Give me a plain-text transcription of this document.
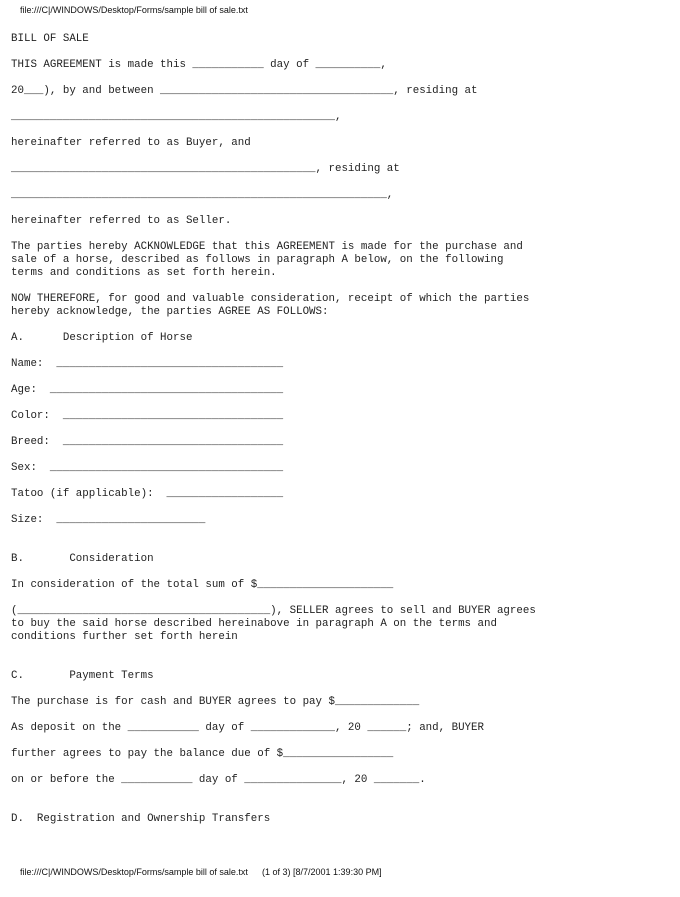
file:///C|/WINDOWS/Desktop/Forms/sample bill of sale.txt
BILL OF SALE
THIS AGREEMENT is made this ___________ day of __________,
20___), by and between ____________________________________, residing at
__________________________________________________,
hereinafter referred to as Buyer, and
_______________________________________________, residing at
__________________________________________________________,
hereinafter referred to as Seller.
The parties hereby ACKNOWLEDGE that this AGREEMENT is made for the purchase and
sale of a horse, described as follows in paragraph A below, on the following
terms and conditions as set forth herein.
NOW THEREFORE, for good and valuable consideration, receipt of which the parties
hereby acknowledge, the parties AGREE AS FOLLOWS:
A.      Description of Horse
Name:  ___________________________________
Age:  ____________________________________
Color:  __________________________________
Breed:  __________________________________
Sex:  ____________________________________
Tatoo (if applicable):  __________________
Size:  _______________________
B.       Consideration
In consideration of the total sum of $_____________________
(_______________________________________), SELLER agrees to sell and BUYER agrees
to buy the said horse described hereinabove in paragraph A on the terms and
conditions further set forth herein
C.       Payment Terms
The purchase is for cash and BUYER agrees to pay $_____________
As deposit on the ___________ day of _____________, 20 ______; and, BUYER
further agrees to pay the balance due of $_________________
on or before the ___________ day of _______________, 20 _______.
D.  Registration and Ownership Transfers

file:///C|/WINDOWS/Desktop/Forms/sample bill of sale.txt

(1 of 3) [8/7/2001 1:39:30 PM]
